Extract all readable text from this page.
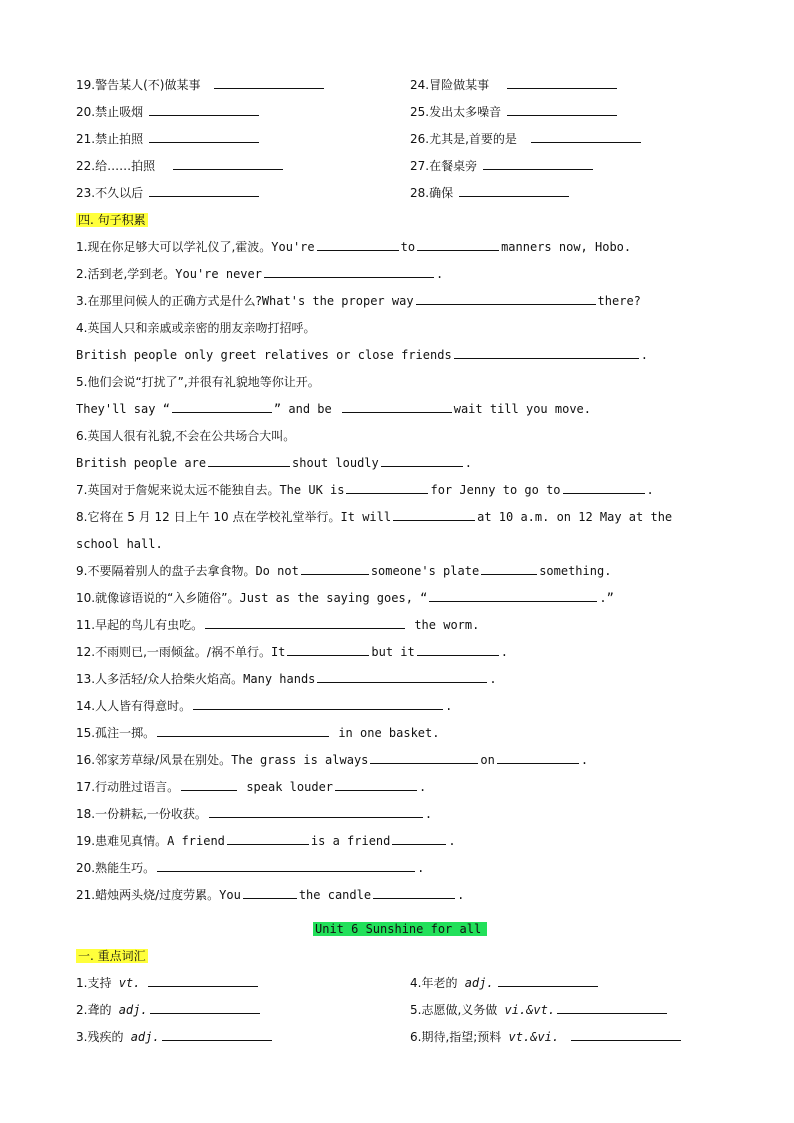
19.警告某人(不)做某事	24.冒险做某事
20.禁止吸烟	25.发出太多噪音
21.禁止拍照	26.尤其是,首要的是
22.给……拍照	27.在餐桌旁
23.不久以后	28.确保
四. 句子积累
1.现在你足够大可以学礼仪了,霍波。You're	to	manners now, Hobo.
2.活到老,学到老。You're never	.
3.在那里问候人的正确方式是什么?What's the proper way	there?
4.英国人只和亲戚或亲密的朋友亲吻打招呼。
British people only greet relatives or close friends	.
5.他们会说“打扰了”,并很有礼貌地等你让开。
They'll say “	” and be	wait till you move.
6.英国人很有礼貌,不会在公共场合大叫。
British people are	shout loudly	.
7.英国对于詹妮来说太远不能独自去。The UK is	for Jenny to go to	.
8.它将在 5 月 12 日上午 10 点在学校礼堂举行。It will	at 10 a.m. on 12 May at the
school hall.
9.不要隔着别人的盘子去拿食物。Do not	someone's plate	something.
10.就像谚语说的“入乡随俗”。Just as the saying goes, “	.”
11.早起的鸟儿有虫吃。	the worm.
12.不雨则已,一雨倾盆。/祸不单行。It	but it	.
13.人多活轻/众人拾柴火焰高。Many hands	.
14.人人皆有得意时。	.
15.孤注一掷。	in one basket.
16.邻家芳草绿/风景在别处。The grass is always	on	.
17.行动胜过语言。	speak louder	.
18.一份耕耘,一份收获。	.
19.患难见真情。A friend	is a friend	.
20.熟能生巧。	.
21.蜡烛两头烧/过度劳累。You	the candle	.
Unit 6 Sunshine for all
一. 重点词汇
1.支持 vt.	4.年老的 adj.
2.聋的 adj.	5.志愿做,义务做 vi.&vt.
3.残疾的 adj.	6.期待,指望;预料 vt.&vi.
